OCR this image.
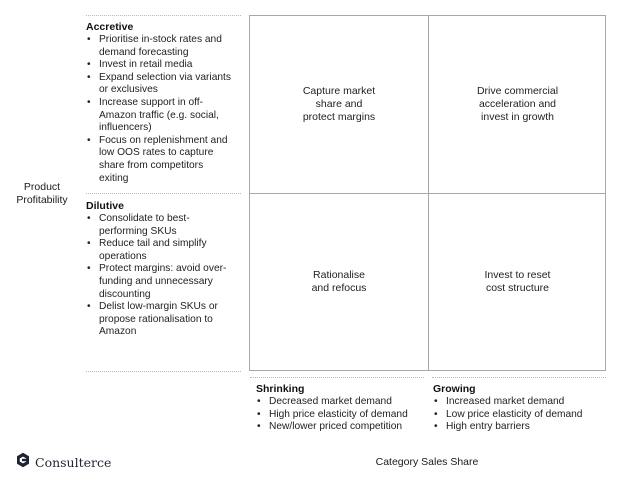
Product
Profitability
Accretive
• Prioritise in-stock rates and
demand forecasting
• Invest in retail media
• Expand selection via variants
or exclusives
• Increase support in off-
Amazon traffic (e.g. social,
influencers)
• Focus on replenishment and
low OOS rates to capture
share from competitors
exiting
Dilutive
• Consolidate to best-
performing SKUs
• Reduce tail and simplify
operations
• Protect margins: avoid over-
funding and unnecessary
discounting
• Delist low-margin SKUs or
propose rationalisation to
Amazon
Capture market
share and
protect margins
Drive commercial
acceleration and
invest in growth
Rationalise
and refocus
Invest to reset
cost structure
Shrinking
• Decreased market demand
• High price elasticity of demand
• New/lower priced competition
Growing
• Increased market demand
• Low price elasticity of demand
• High entry barriers
Category Sales Share
Consulterce
